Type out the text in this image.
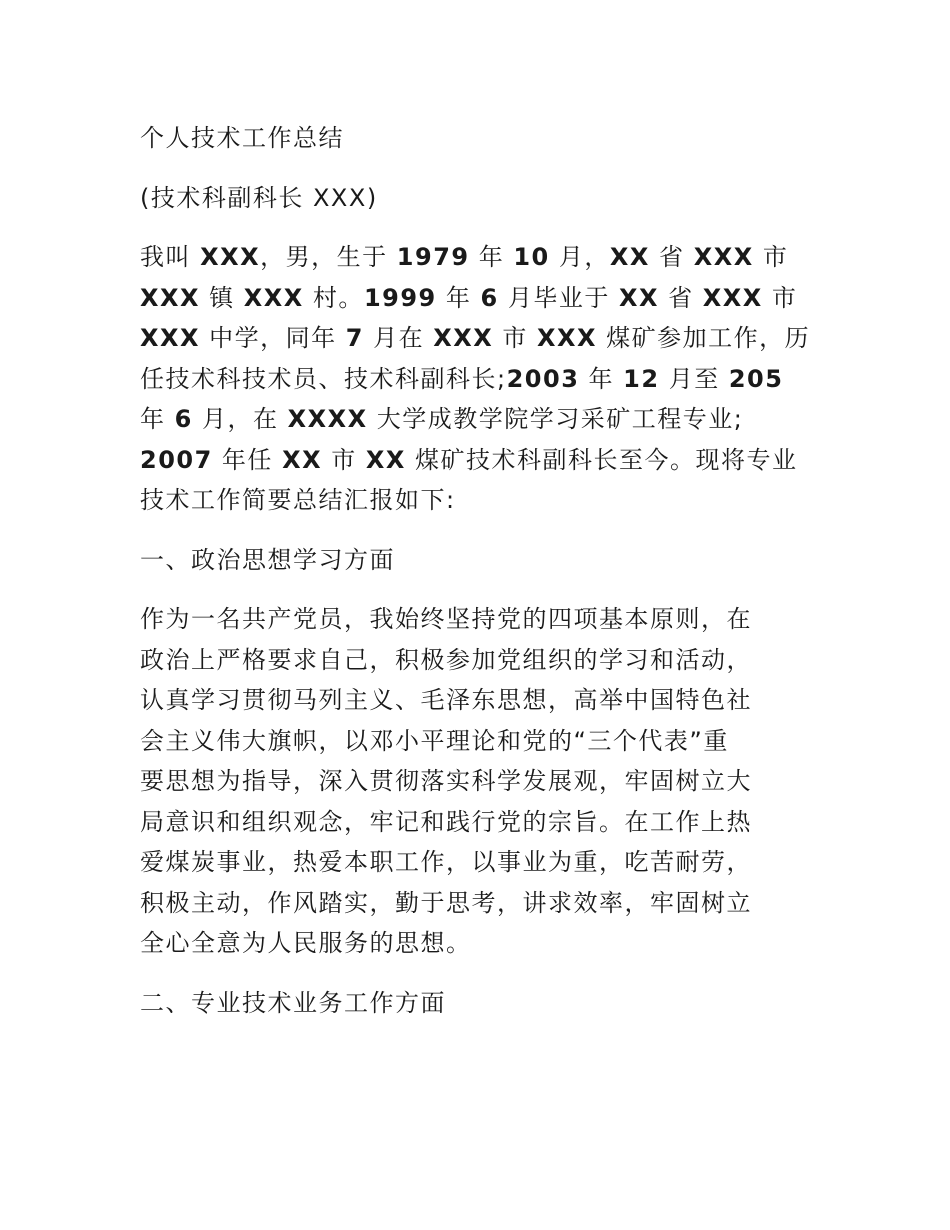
个人技术工作总结
(技术科副科长 XXX)
我叫 XXX，男，生于 1979 年 10 月，XX 省 XXX 市
XXX 镇 XXX 村。1999 年 6 月毕业于 XX 省 XXX 市
XXX 中学，同年 7 月在 XXX 市 XXX 煤矿参加工作，历
任技术科技术员、技术科副科长;2003 年 12 月至 205
年 6 月，在 XXXX 大学成教学院学习采矿工程专业;
2007 年任 XX 市 XX 煤矿技术科副科长至今。现将专业
技术工作简要总结汇报如下:
一、政治思想学习方面
作为一名共产党员，我始终坚持党的四项基本原则，在
政治上严格要求自己，积极参加党组织的学习和活动，
认真学习贯彻马列主义、毛泽东思想，高举中国特色社
会主义伟大旗帜，以邓小平理论和党的“三个代表”重
要思想为指导，深入贯彻落实科学发展观，牢固树立大
局意识和组织观念，牢记和践行党的宗旨。在工作上热
爱煤炭事业，热爱本职工作，以事业为重，吃苦耐劳，
积极主动，作风踏实，勤于思考，讲求效率，牢固树立
全心全意为人民服务的思想。
二、专业技术业务工作方面
